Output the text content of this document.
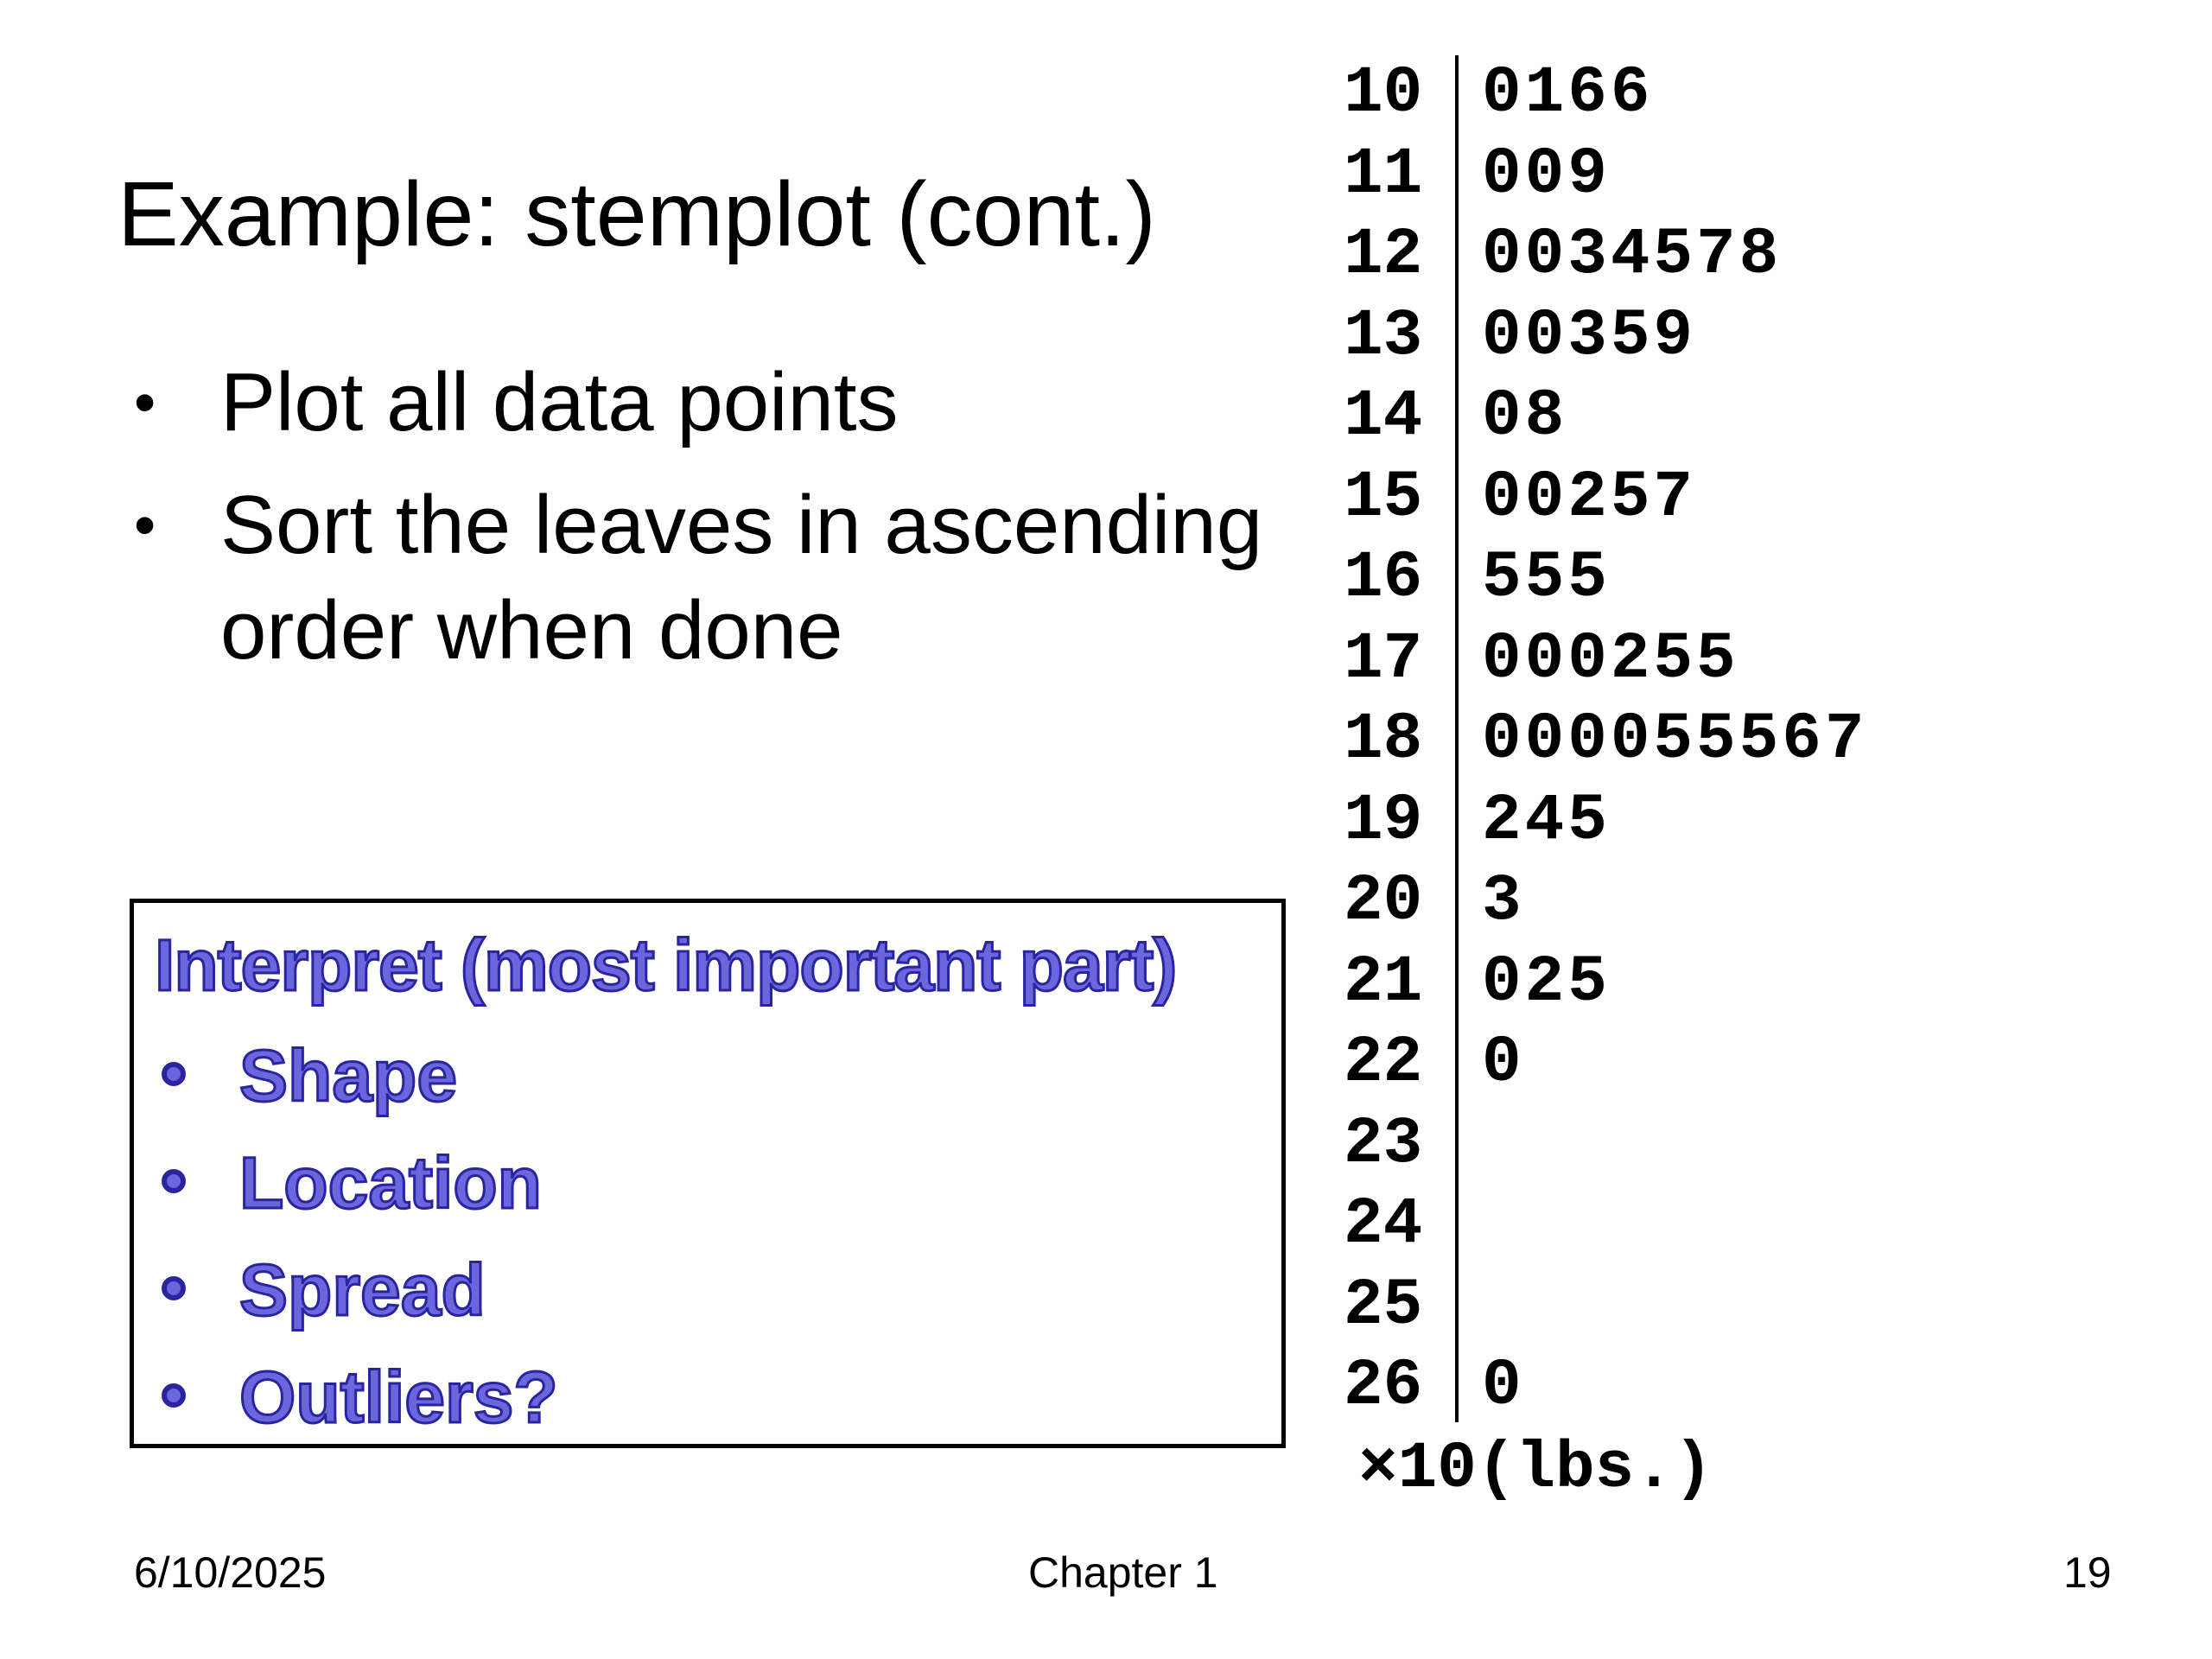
Example: stemplot (cont.)
• Plot all data points
• Sort the leaves in ascending order when done
Interpret (most important part)
Shape
Location
Spread
Outliers?
10 0166
11 009
12 0034578
13 00359
14 08
15 00257
16 555
17 000255
18 000055567
19 245
20 3
21 025
22 0
23
24
25
26 0
×10(lbs.)
6/10/2025	Chapter 1	19
